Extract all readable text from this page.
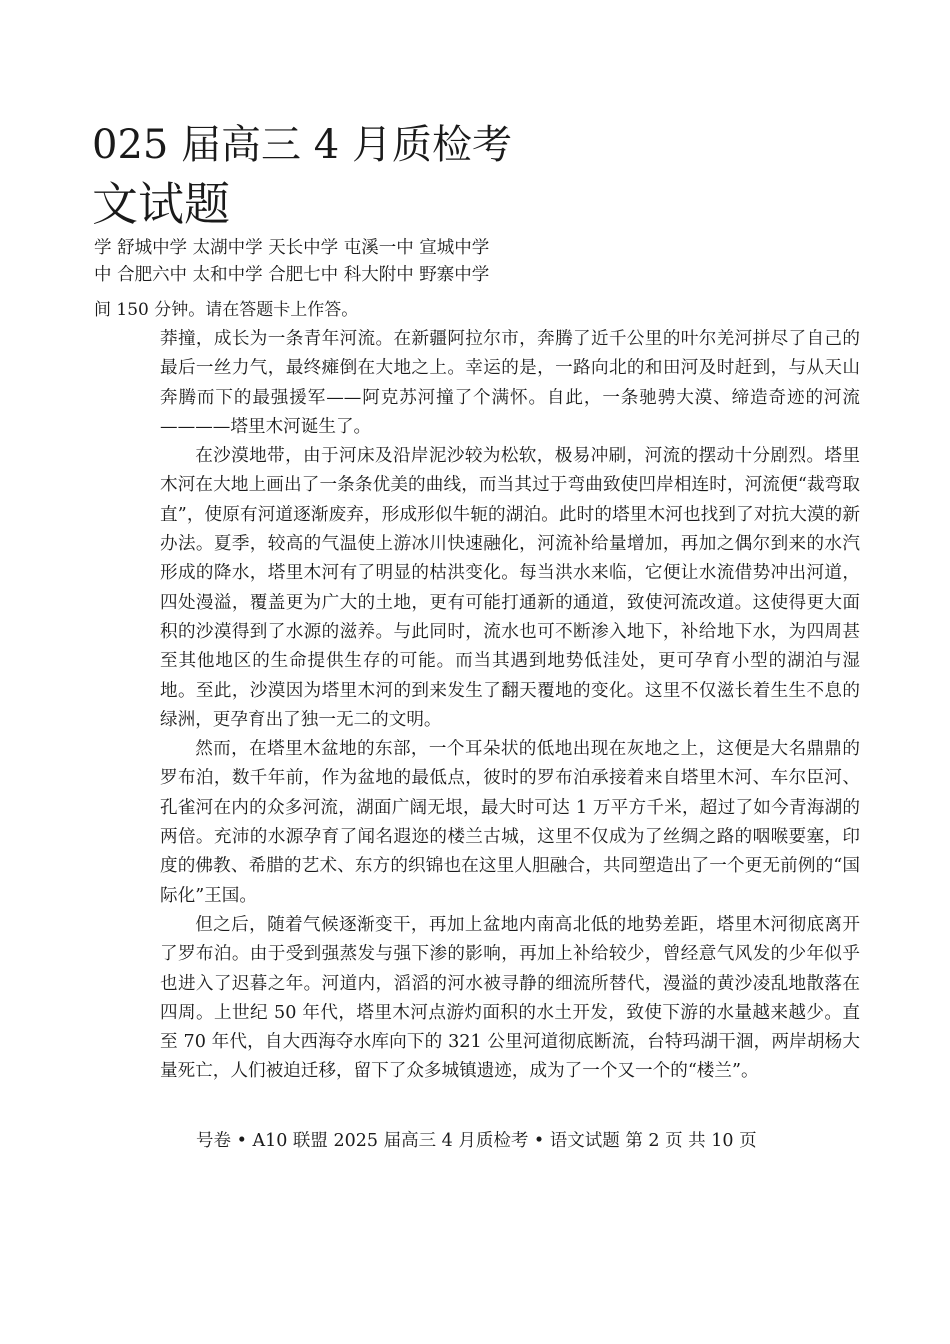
025 届高三 4 月质检考
文试题
学 舒城中学 太湖中学 天长中学 屯溪一中 宣城中学
中 合肥六中 太和中学 合肥七中 科大附中 野寨中学
间 150 分钟。请在答题卡上作答。

莽撞，成长为一条青年河流。在新疆阿拉尔市，奔腾了近千公里的叶尔羌河拼尽了自己的最后一丝力气，最终瘫倒在大地之上。幸运的是，一路向北的和田河及时赶到，与从天山奔腾而下的最强援军——阿克苏河撞了个满怀。自此，一条驰骋大漠、缔造奇迹的河流————塔里木河诞生了。

在沙漠地带，由于河床及沿岸泥沙较为松软，极易冲刷，河流的摆动十分剧烈。塔里木河在大地上画出了一条条优美的曲线，而当其过于弯曲致使凹岸相连时，河流便“裁弯取直”，使原有河道逐渐废弃，形成形似牛轭的湖泊。此时的塔里木河也找到了对抗大漠的新办法。夏季，较高的气温使上游冰川快速融化，河流补给量增加，再加之偶尔到来的水汽形成的降水，塔里木河有了明显的枯洪变化。每当洪水来临，它便让水流借势冲出河道，四处漫溢，覆盖更为广大的土地，更有可能打通新的通道，致使河流改道。这使得更大面积的沙漠得到了水源的滋养。与此同时，流水也可不断渗入地下，补给地下水，为四周甚至其他地区的生命提供生存的可能。而当其遇到地势低洼处，更可孕育小型的湖泊与湿地。至此，沙漠因为塔里木河的到来发生了翻天覆地的变化。这里不仅滋长着生生不息的绿洲，更孕育出了独一无二的文明。

然而，在塔里木盆地的东部，一个耳朵状的低地出现在灰地之上，这便是大名鼎鼎的罗布泊，数千年前，作为盆地的最低点，彼时的罗布泊承接着来自塔里木河、车尔臣河、孔雀河在内的众多河流，湖面广阔无垠，最大时可达 1 万平方千米，超过了如今青海湖的两倍。充沛的水源孕育了闻名遐迩的楼兰古城，这里不仅成为了丝绸之路的咽喉要塞，印度的佛教、希腊的艺术、东方的织锦也在这里人胆融合，共同塑造出了一个更无前例的“国际化”王国。

但之后，随着气候逐渐变干，再加上盆地内南高北低的地势差距，塔里木河彻底离开了罗布泊。由于受到强蒸发与强下渗的影响，再加上补给较少，曾经意气风发的少年似乎也进入了迟暮之年。河道内，滔滔的河水被寻静的细流所替代，漫溢的黄沙凌乱地散落在四周。上世纪 50 年代，塔里木河点游灼面积的水土开发，致使下游的水量越来越少。直至 70 年代，自大西海夺水库向下的 321 公里河道彻底断流，台特玛湖干涸，两岸胡杨大量死亡，人们被迫迁移，留下了众多城镇遗迹，成为了一个又一个的“楼兰”。

号卷 • A10 联盟 2025 届高三 4 月质检考 • 语文试题 第 2 页 共 10 页
